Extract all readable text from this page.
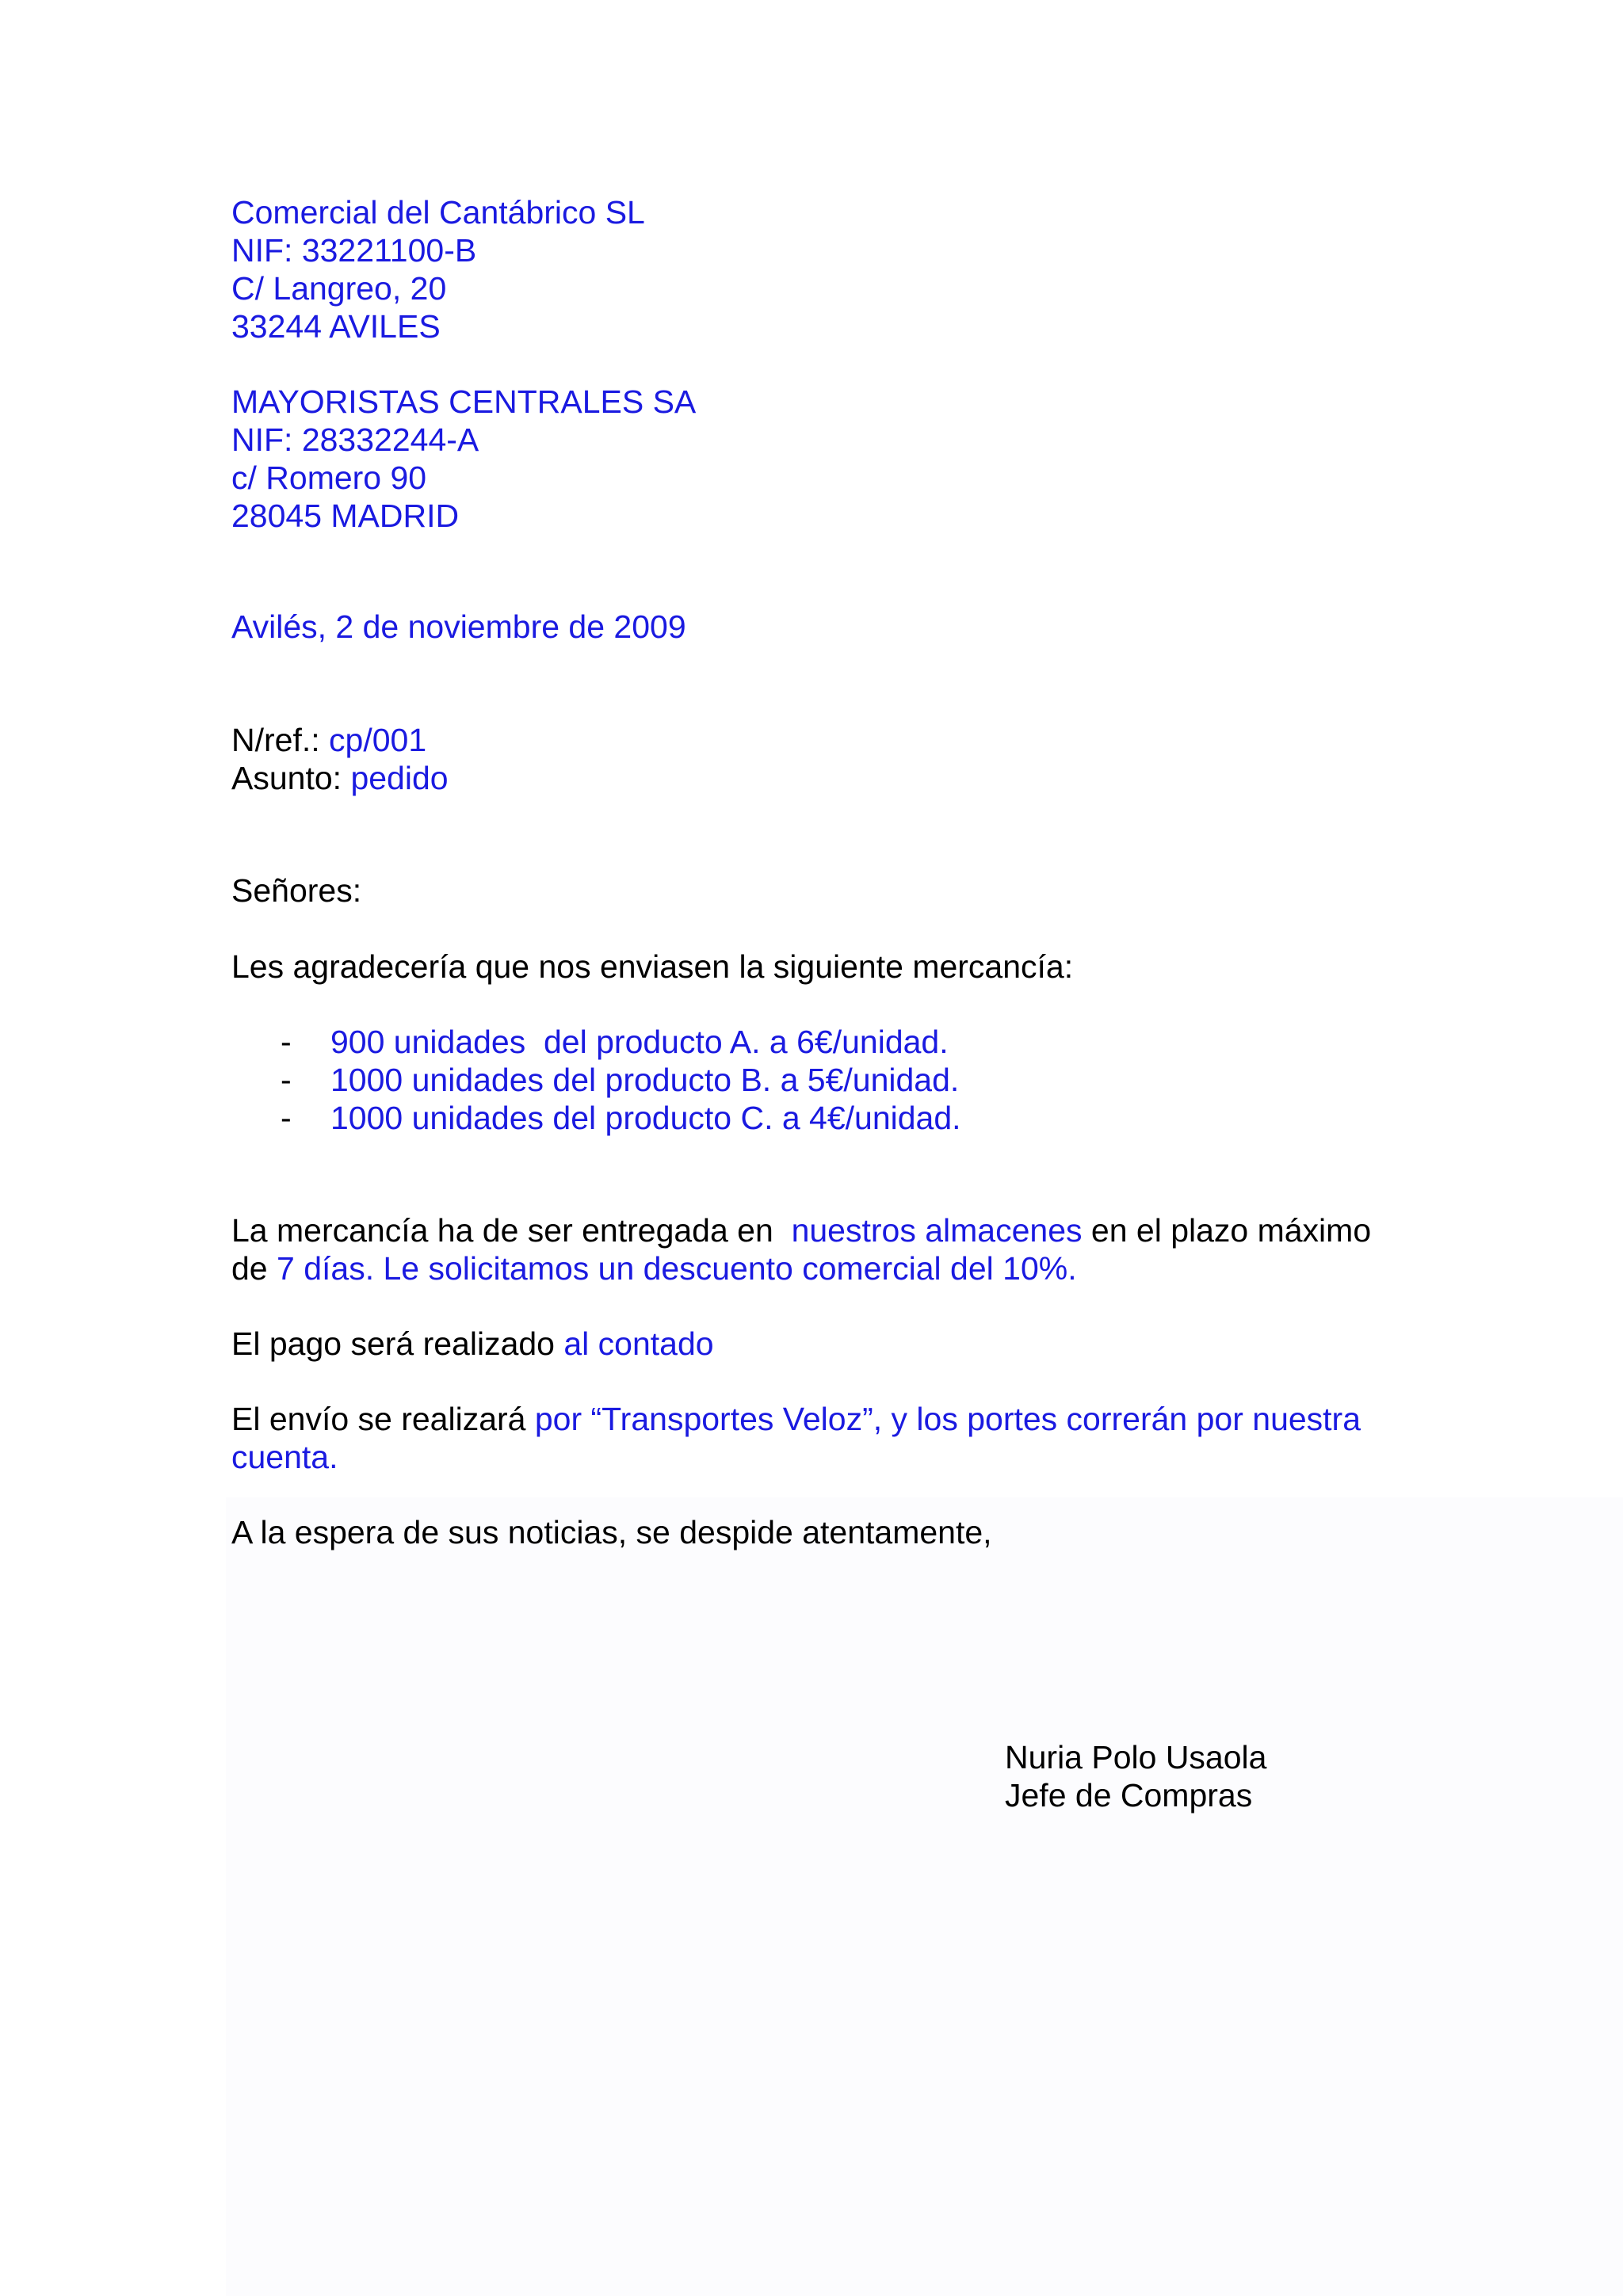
Comercial del Cantábrico SL
NIF: 33221100-B
C/ Langreo, 20
33244 AVILES
MAYORISTAS CENTRALES SA
NIF: 28332244-A
c/ Romero 90
28045 MADRID
Avilés, 2 de noviembre de 2009
N/ref.: cp/001
Asunto: pedido
Señores:
Les agradecería que nos enviasen la siguiente mercancía:
- 900 unidades  del producto A. a 6€/unidad.
- 1000 unidades del producto B. a 5€/unidad.
- 1000 unidades del producto C. a 4€/unidad.
La mercancía ha de ser entregada en  nuestros almacenes en el plazo máximo
de 7 días. Le solicitamos un descuento comercial del 10%.
El pago será realizado al contado
El envío se realizará por “Transportes Veloz”, y los portes correrán por nuestra
cuenta.
A la espera de sus noticias, se despide atentamente,
Nuria Polo Usaola
Jefe de Compras
